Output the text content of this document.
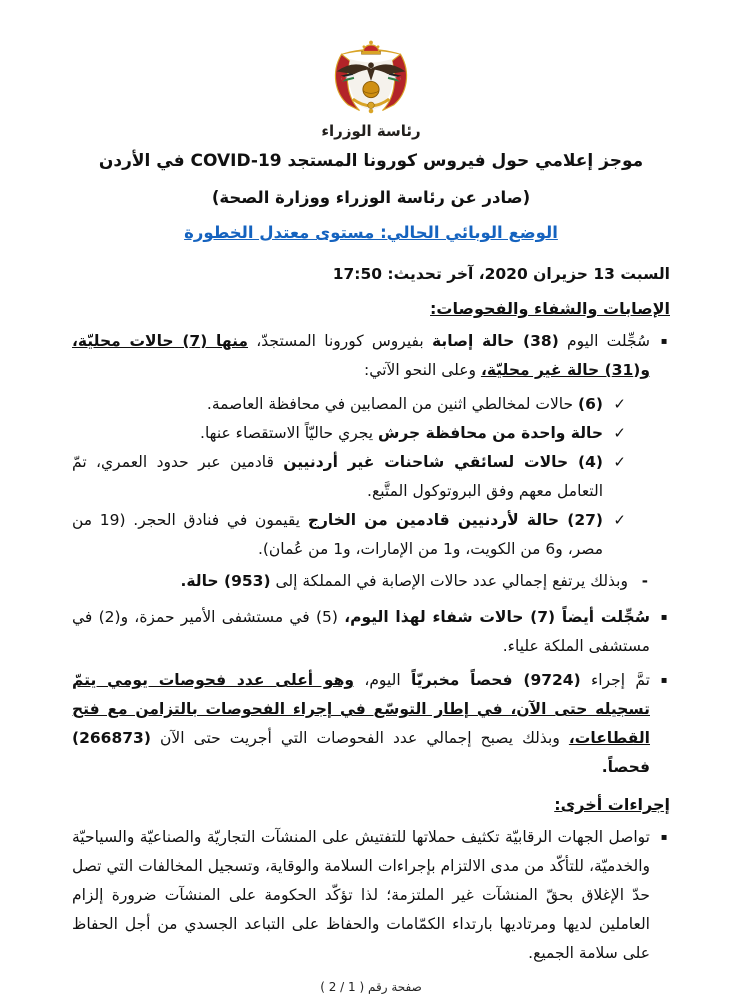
رئاسة الوزراء
موجز إعلامي حول فيروس كورونا المستجد COVID-19 في الأردن
(صادر عن رئاسة الوزراء ووزارة الصحة)
الوضع الوبائي الحالي: مستوى معتدل الخطورة
السبت 13 حزيران 2020، آخر تحديث: 17:50
الإصابات والشفاء والفحوصات:
▪
سُجِّلت اليوم (38) حالة إصابة بفيروس كورونا المستجدّ، منها (7) حالات محليّة، و(31) حالة غير محليّة، وعلى النحو الآتي:
✓
(6) حالات لمخالطي اثنين من المصابين في محافظة العاصمة.
✓
حالة واحدة من محافظة جرش يجري حاليّاً الاستقصاء عنها.
✓
(4) حالات لسائقي شاحنات غير أردنيين قادمين عبر حدود العمري، تمّ التعامل معهم وفق البروتوكول المتَّبع.
✓
(27) حالة لأردنيين قادمين من الخارج يقيمون في فنادق الحجر. (19 من مصر، و6 من الكويت، و1 من الإمارات، و1 من عُمان).
-
وبذلك يرتفع إجمالي عدد حالات الإصابة في المملكة إلى (953) حالة.
▪
سُجِّلت أيضاً (7) حالات شفاء لهذا اليوم، (5) في مستشفى الأمير حمزة، و(2) في مستشفى الملكة علياء.
▪
تمَّ إجراء (9724) فحصاً مخبريّاً اليوم، وهو أعلى عدد فحوصات يومي يتمّ تسجيله حتى الآن، في إطار التوسّع في إجراء الفحوصات بالتزامن مع فتح القطاعات، وبذلك يصبح إجمالي عدد الفحوصات التي أجريت حتى الآن (266873) فحصاً.
إجراءات أخرى:
▪
تواصل الجهات الرقابيّة تكثيف حملاتها للتفتيش على المنشآت التجاريّة والصناعيّة والسياحيّة والخدميّة، للتأكّد من مدى الالتزام بإجراءات السلامة والوقاية، وتسجيل المخالفات التي تصل حدّ الإغلاق بحقّ المنشآت غير الملتزمة؛ لذا تؤكّد الحكومة على المنشآت ضرورة إلزام العاملين لديها ومرتاديها بارتداء الكمّامات والحفاظ على التباعد الجسدي من أجل الحفاظ على سلامة الجميع.
صفحة رقم ( 1 / 2 )
